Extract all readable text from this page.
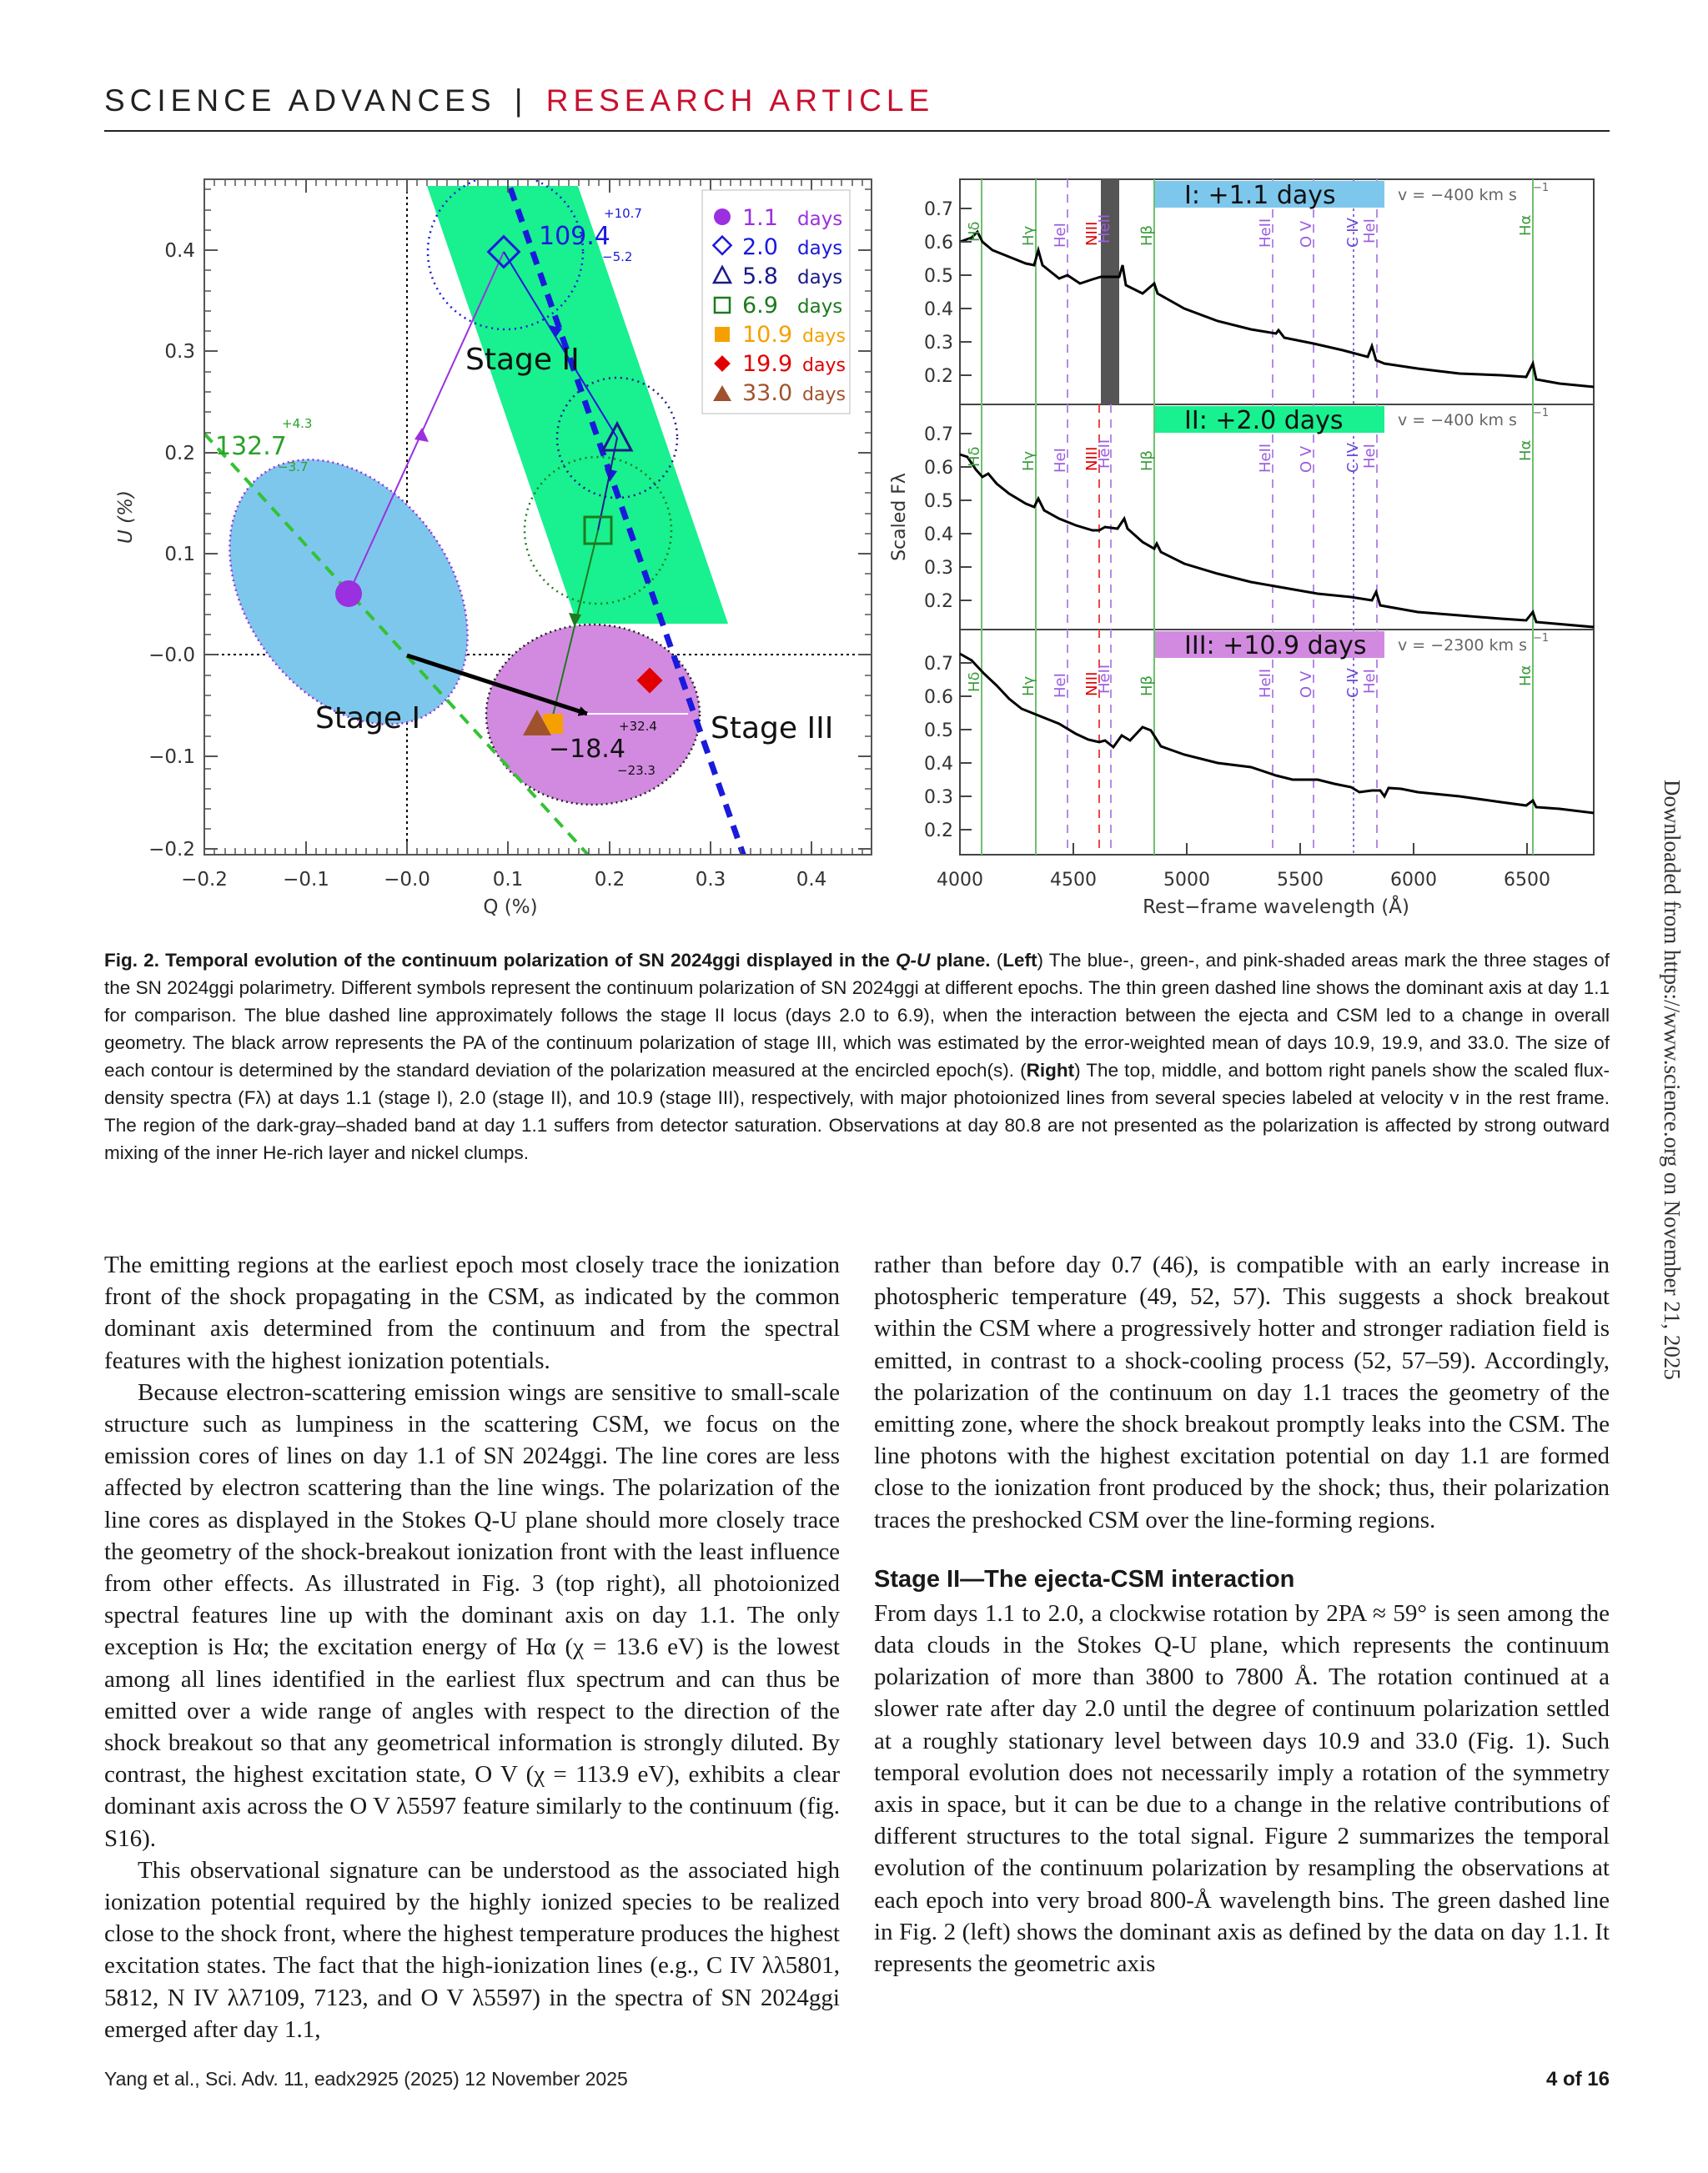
SCIENCE ADVANCES | RESEARCH ARTICLE
−0.2	−0.1	−0.0	0.1	0.2	0.3	0.4
0.4
0.3
0.2
0.1
−0.0
−0.1
−0.2
Q (%)
U (%)
Stage II
Stage I	Stage III
132.7
+4.3
−3.7
109.4
+10.7
−5.2
−18.4
+32.4
−23.3
1.1 days
2.0 days
5.8 days
6.9 days
10.9 days
19.9 days
33.0 days
I: +1.1 days
II: +2.0 days
III: +10.9 days
v = −400 km s −1
v = −400 km s −1
v = −2300 km s −1
Hδ Hγ HeI NIII
HeII Hβ	HeII O V C IV HeI	Hα
Hδ Hγ HeI NIII
HeII Hβ	HeII O V C IV HeI	Hα
Hδ Hγ HeI NIII
HeII Hβ	HeII O V C IV HeI	Hα
0.7
0.6
0.5
0.4
0.3
0.2
0.7
0.6
0.5
0.4
0.3
0.2
0.7
0.6
0.5
0.4
0.3
0.2
4000	4500	5000	5500	6000	6500
Rest−frame wavelength (Å)
Scaled Fλ
Fig. 2. Temporal evolution of the continuum polarization of SN 2024ggi displayed in the Q-U plane. (Left) The blue-, green-, and pink-shaded areas mark the three stages of the SN 2024ggi polarimetry. Different symbols represent the continuum polarization of SN 2024ggi at different epochs. The thin green dashed line shows the dominant axis at day 1.1 for comparison. The blue dashed line approximately follows the stage II locus (days 2.0 to 6.9), when the interaction between the ejecta and CSM led to a change in overall geometry. The black arrow represents the PA of the continuum polarization of stage III, which was estimated by the error-weighted mean of days 10.9, 19.9, and 33.0. The size of each contour is determined by the standard deviation of the polarization measured at the encircled epoch(s). (Right) The top, middle, and bottom right panels show the scaled flux-density spectra (Fλ) at days 1.1 (stage I), 2.0 (stage II), and 10.9 (stage III), respectively, with major photoionized lines from several species labeled at velocity v in the rest frame. The region of the dark-gray–shaded band at day 1.1 suffers from detector saturation. Observations at day 80.8 are not presented as the polarization is affected by strong outward mixing of the inner He-rich layer and nickel clumps.

The emitting regions at the earliest epoch most closely trace the ionization front of the shock propagating in the CSM, as indicated by the common dominant axis determined from the continuum and from the spectral features with the highest ionization potentials.

Because electron-scattering emission wings are sensitive to small-scale structure such as lumpiness in the scattering CSM, we focus on the emission cores of lines on day 1.1 of SN 2024ggi. The line cores are less affected by electron scattering than the line wings. The polarization of the line cores as displayed in the Stokes Q-U plane should more closely trace the geometry of the shock-breakout ionization front with the least influence from other effects. As illustrated in Fig. 3 (top right), all photoionized spectral features line up with the dominant axis on day 1.1. The only exception is Hα; the excitation energy of Hα (χ = 13.6 eV) is the lowest among all lines identified in the earliest flux spectrum and can thus be emitted over a wide range of angles with respect to the direction of the shock breakout so that any geometrical information is strongly diluted. By contrast, the highest excitation state, O V (χ = 113.9 eV), exhibits a clear dominant axis across the O V λ5597 feature similarly to the continuum (fig. S16).

This observational signature can be understood as the associated high ionization potential required by the highly ionized species to be realized close to the shock front, where the highest temperature produces the highest excitation states. The fact that the high-ionization lines (e.g., C IV λλ5801, 5812, N IV λλ7109, 7123, and O V λ5597) in the spectra of SN 2024ggi emerged after day 1.1,

rather than before day 0.7 (46), is compatible with an early increase in photospheric temperature (49, 52, 57). This suggests a shock breakout within the CSM where a progressively hotter and stronger radiation field is emitted, in contrast to a shock-cooling process (52, 57–59). Accordingly, the polarization of the continuum on day 1.1 traces the geometry of the emitting zone, where the shock breakout promptly leaks into the CSM. The line photons with the highest excitation potential on day 1.1 are formed close to the ionization front produced by the shock; thus, their polarization traces the preshocked CSM over the line-forming regions.

Stage II—The ejecta-CSM interaction

From days 1.1 to 2.0, a clockwise rotation by 2PA ≈ 59° is seen among the data clouds in the Stokes Q-U plane, which represents the continuum polarization of more than 3800 to 7800 Å. The rotation continued at a slower rate after day 2.0 until the degree of continuum polarization settled at a roughly stationary level between days 10.9 and 33.0 (Fig. 1). Such temporal evolution does not necessarily imply a rotation of the symmetry axis in space, but it can be due to a change in the relative contributions of different structures to the total signal. Figure 2 summarizes the temporal evolution of the continuum polarization by resampling the observations at each epoch into very broad 800-Å wavelength bins. The green dashed line in Fig. 2 (left) shows the dominant axis as defined by the data on day 1.1. It represents the geometric axis

Yang et al., Sci. Adv. 11, eadx2925 (2025) 12 November 2025	4 of 16
Downloaded from https://www.science.org on November 21, 2025
